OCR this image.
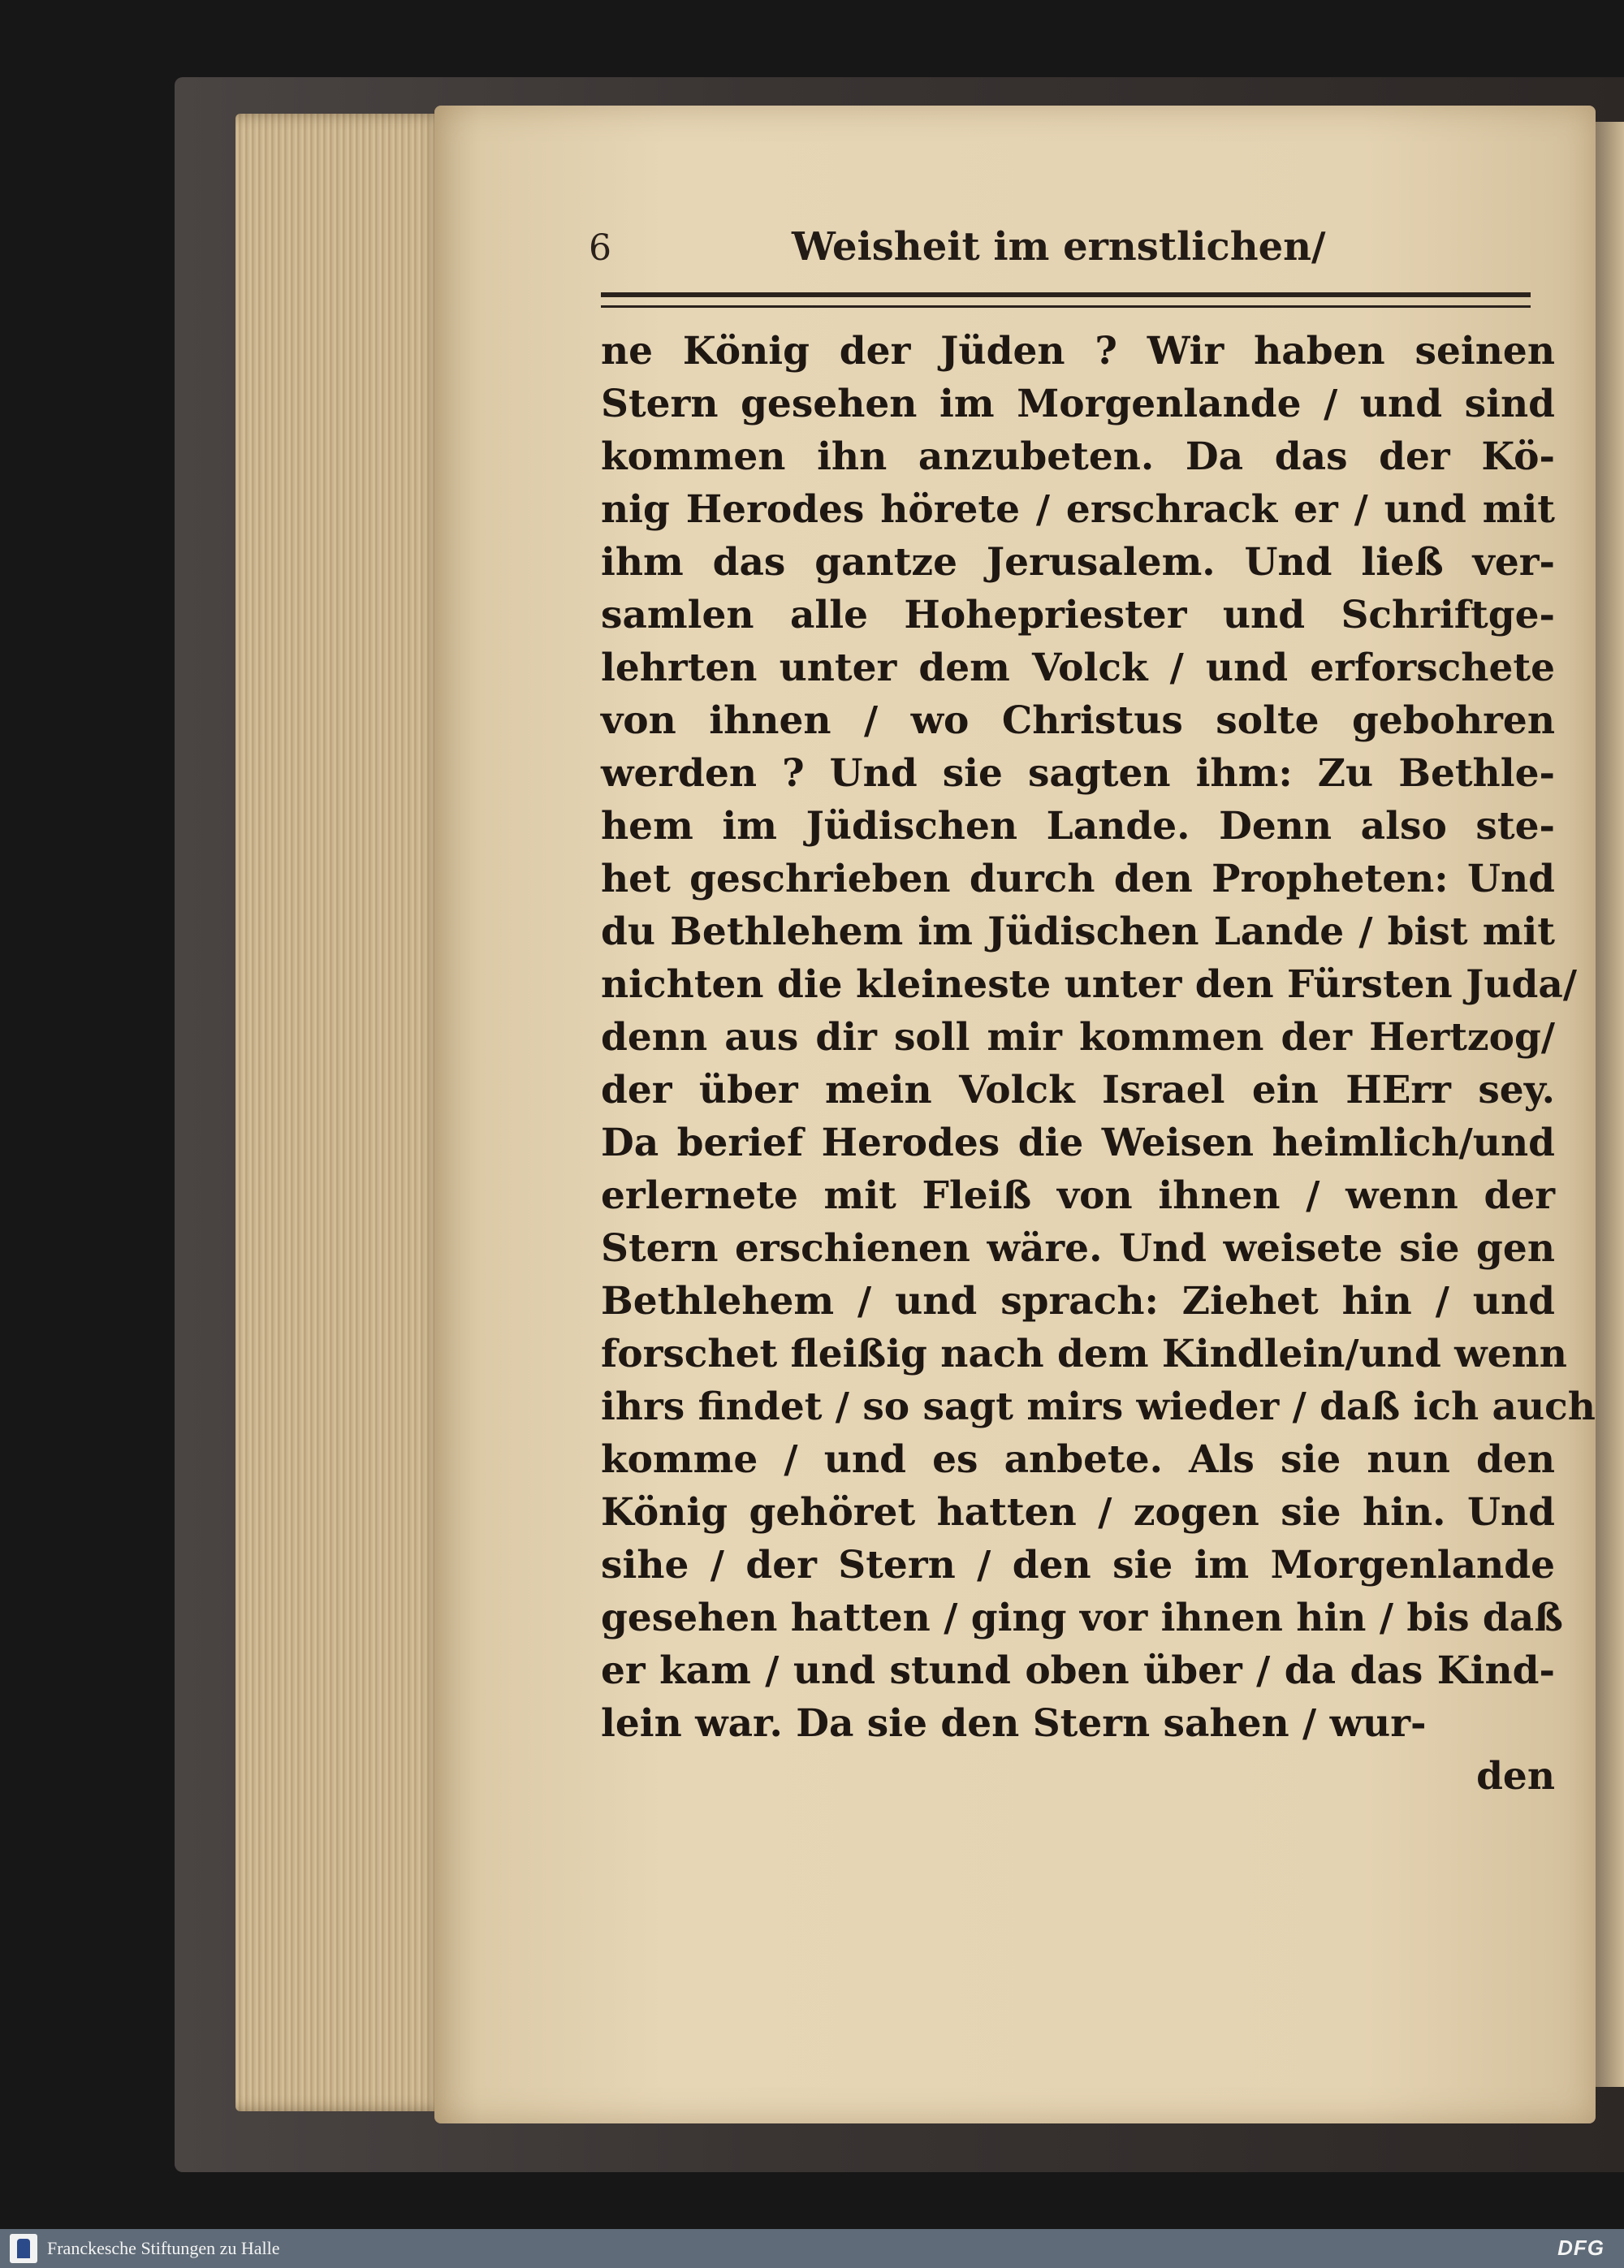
6	Weisheit im ernstlichen/
ne König der Jüden ? Wir haben seinen
Stern gesehen im Morgenlande / und sind
kommen ihn anzubeten. Da das der Kö-
nig Herodes hörete / erschrack er / und mit
ihm das gantze Jerusalem. Und ließ ver-
samlen alle Hohepriester und Schriftge-
lehrten unter dem Volck / und erforschete
von ihnen / wo Christus solte gebohren
werden ? Und sie sagten ihm: Zu Bethle-
hem im Jüdischen Lande. Denn also ste-
het geschrieben durch den Propheten: Und
du Bethlehem im Jüdischen Lande / bist mit
nichten die kleineste unter den Fürsten Juda/
denn aus dir soll mir kommen der Hertzog/
der über mein Volck Israel ein HErr sey.
Da berief Herodes die Weisen heimlich/und
erlernete mit Fleiß von ihnen / wenn der
Stern erschienen wäre. Und weisete sie gen
Bethlehem / und sprach: Ziehet hin / und
forschet fleißig nach dem Kindlein/und wenn
ihrs findet / so sagt mirs wieder / daß ich auch
komme / und es anbete. Als sie nun den
König gehöret hatten / zogen sie hin. Und
sihe / der Stern / den sie im Morgenlande
gesehen hatten / ging vor ihnen hin / bis daß
er kam / und stund oben über / da das Kind-
lein war. Da sie den Stern sahen / wur-
den
Franckesche Stiftungen zu Halle	DFG
